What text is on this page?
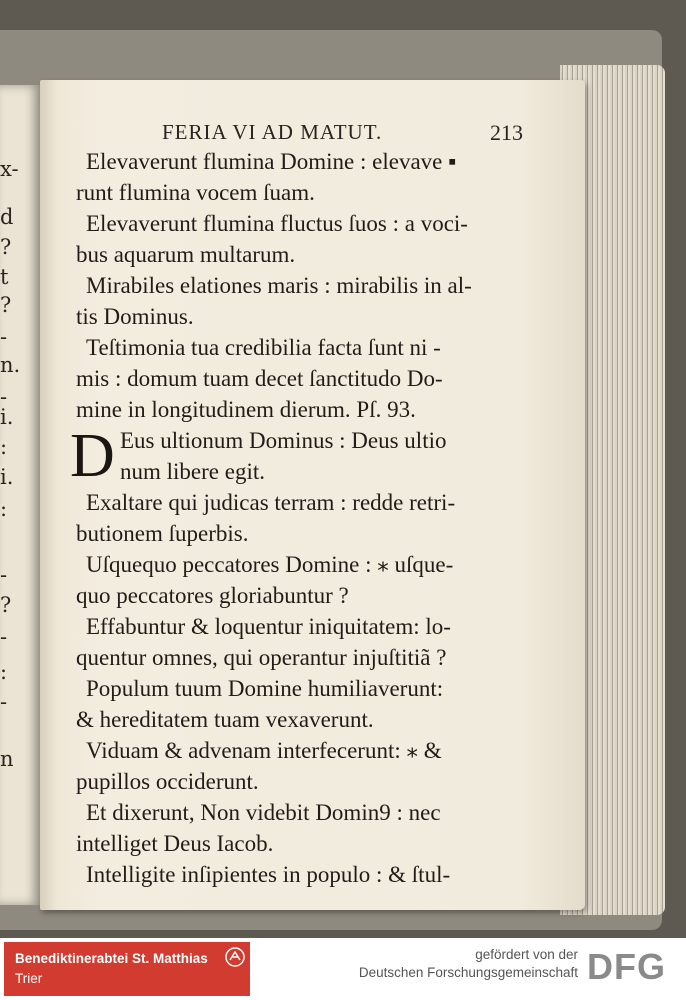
x-
d
?
t
?
-
n.
-
i.
:
i.
:
-
?
-
:
-
n
FERIA VI AD MATUT.	213
Elevaverunt flumina Domine : elevave ▪
runt flumina vocem ſuam.
Elevaverunt flumina fluctus ſuos : a voci-
bus aquarum multarum.
Mirabiles elationes maris : mirabilis in al-
tis Dominus.
Teſtimonia tua credibilia facta ſunt ni -
mis : domum tuam decet ſanctitudo Do-
mine in longitudinem dierum. Pſ. 93.
D Eus ultionum Dominus : Deus ultio
num libere egit.
Exaltare qui judicas terram : redde retri-
butionem ſuperbis.
Uſquequo peccatores Domine : ⁎ uſque-
quo peccatores gloriabuntur ?
Effabuntur & loquentur iniquitatem: lo-
quentur omnes, qui operantur injuſtitiã ?
Populum tuum Domine humiliaverunt:
& hereditatem tuam vexaverunt.
Viduam & advenam interfecerunt: ⁎ &
pupillos occiderunt.
Et dixerunt, Non videbit Domin9 : nec
intelliget Deus Iacob.
Intelligite inſipientes in populo : & ſtul-
Benediktinerabtei St. Matthias
Trier
gefördert von der
Deutschen Forschungsgemeinschaft DFG
